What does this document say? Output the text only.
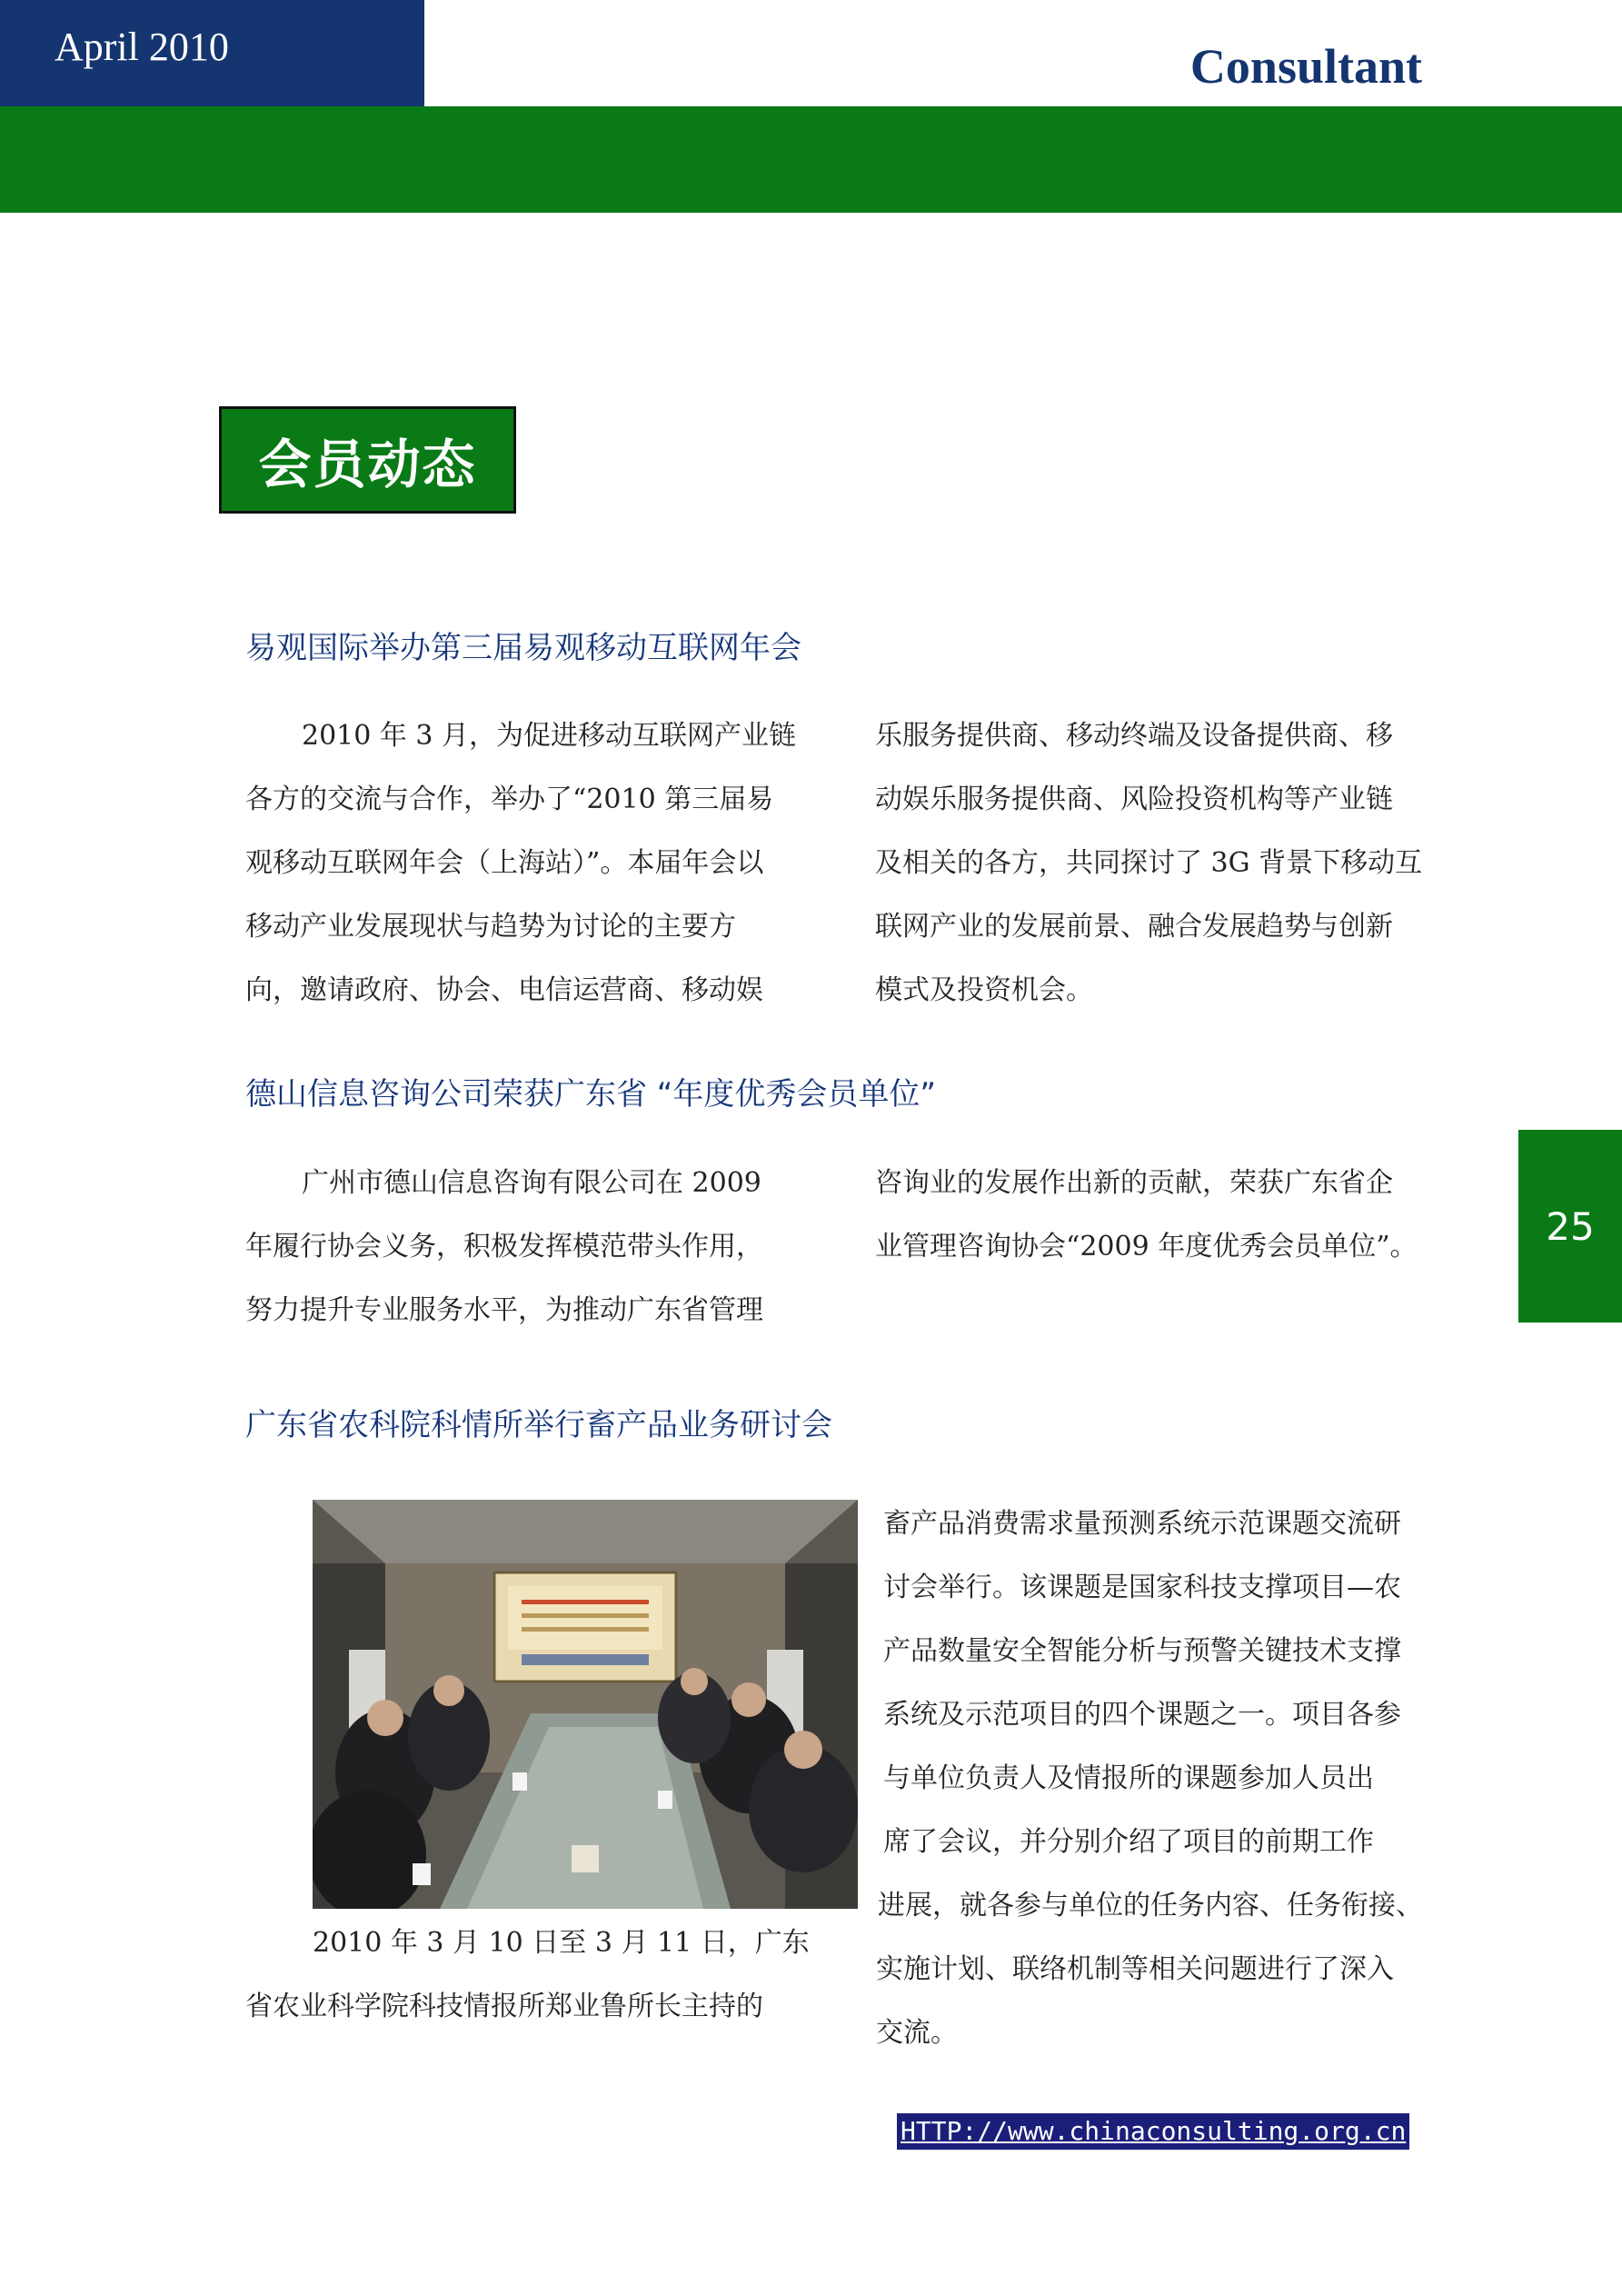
April 2010	Consultant
会员动态
易观国际举办第三届易观移动互联网年会
2010 年 3 月，为促进移动互联网产业链
各方的交流与合作，举办了“2010 第三届易
观移动互联网年会（上海站）”。本届年会以
移动产业发展现状与趋势为讨论的主要方
向，邀请政府、协会、电信运营商、移动娱
乐服务提供商、移动终端及设备提供商、移
动娱乐服务提供商、风险投资机构等产业链
及相关的各方，共同探讨了 3G 背景下移动互
联网产业的发展前景、融合发展趋势与创新
模式及投资机会。
德山信息咨询公司荣获广东省 “年度优秀会员单位”
广州市德山信息咨询有限公司在 2009
年履行协会义务，积极发挥模范带头作用，
努力提升专业服务水平，为推动广东省管理
咨询业的发展作出新的贡献，荣获广东省企
业管理咨询协会“2009 年度优秀会员单位”。	25
广东省农科院科情所举行畜产品业务研讨会
2010 年 3 月 10 日至 3 月 11 日，广东
省农业科学院科技情报所郑业鲁所长主持的
畜产品消费需求量预测系统示范课题交流研
讨会举行。该课题是国家科技支撑项目—农
产品数量安全智能分析与预警关键技术支撑
系统及示范项目的四个课题之一。项目各参
与单位负责人及情报所的课题参加人员出
席了会议，并分别介绍了项目的前期工作
进展，就各参与单位的任务内容、任务衔接、
实施计划、联络机制等相关问题进行了深入
交流。
HTTP://www.chinaconsulting.org.cn
